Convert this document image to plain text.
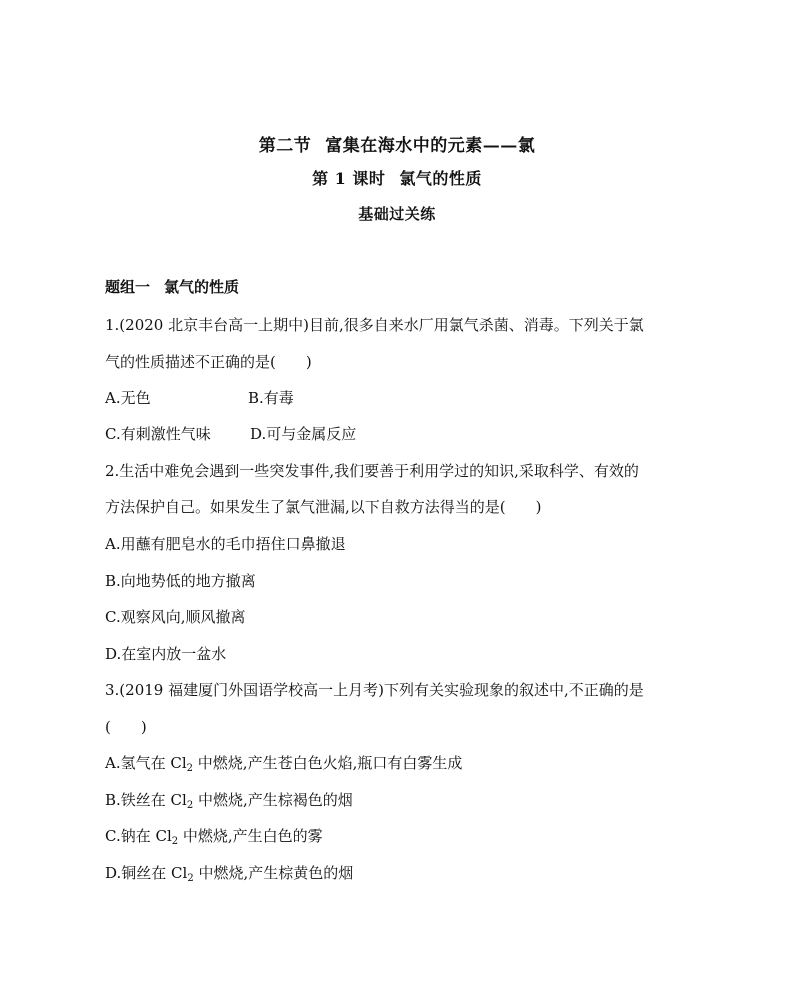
第二节 富集在海水中的元素——氯
第 1 课时 氯气的性质
基础过关练
题组一 氯气的性质
1.(2020 北京丰台高一上期中)目前,很多自来水厂用氯气杀菌、消毒。下列关于氯
气的性质描述不正确的是(　　)
A.无色	B.有毒
C.有刺激性气味	D.可与金属反应
2.生活中难免会遇到一些突发事件,我们要善于利用学过的知识,采取科学、有效的
方法保护自己。如果发生了氯气泄漏,以下自救方法得当的是(　　)
A.用蘸有肥皂水的毛巾捂住口鼻撤退
B.向地势低的地方撤离
C.观察风向,顺风撤离
D.在室内放一盆水
3.(2019 福建厦门外国语学校高一上月考)下列有关实验现象的叙述中,不正确的是
(　　)
A.氢气在 $Cl_2$ 中燃烧,产生苍白色火焰,瓶口有白雾生成
B.铁丝在 $Cl_2$ 中燃烧,产生棕褐色的烟
C.钠在 $Cl_2$ 中燃烧,产生白色的雾
D.铜丝在 $Cl_2$ 中燃烧,产生棕黄色的烟
